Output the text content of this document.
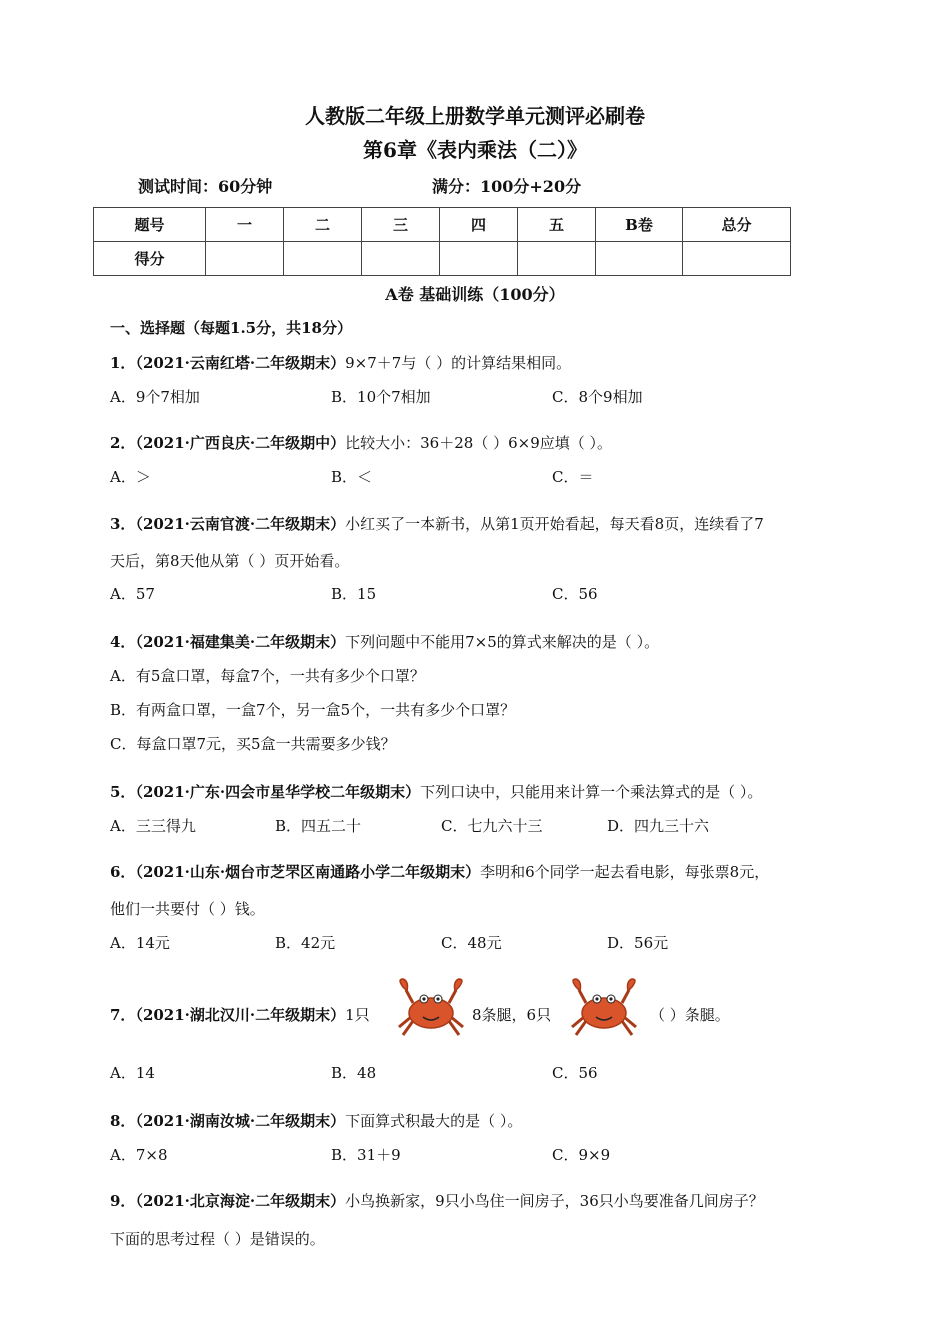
人教版二年级上册数学单元测评必刷卷
第6章《表内乘法（二）》
测试时间：60分钟	满分：100分+20分
题号	一	二	三	四	五	B卷	总分
得分							
A卷 基础训练（100分）
一、选择题（每题1.5分，共18分）
1．（2021·云南红塔·二年级期末）9×7＋7与（ ）的计算结果相同。
A．9个7相加	B．10个7相加	C．8个9相加
2．（2021·广西良庆·二年级期中）比较大小：36＋28（ ）6×9应填（ ）。
A．＞	B．＜	C．＝
3．（2021·云南官渡·二年级期末）小红买了一本新书，从第1页开始看起，每天看8页，连续看了7
天后，第8天他从第（ ）页开始看。
A．57	B．15	C．56
4．（2021·福建集美·二年级期末）下列问题中不能用7×5的算式来解决的是（ ）。
A．有5盒口罩，每盒7个，一共有多少个口罩？
B．有两盒口罩，一盒7个，另一盒5个，一共有多少个口罩？
C．每盒口罩7元，买5盒一共需要多少钱？
5．（2021·广东·四会市星华学校二年级期末）下列口诀中，只能用来计算一个乘法算式的是（ ）。
A．三三得九	B．四五二十	C．七九六十三	D．四九三十六
6．（2021·山东·烟台市芝罘区南通路小学二年级期末）李明和6个同学一起去看电影，每张票8元，
他们一共要付（ ）钱。
A．14元	B．42元	C．48元	D．56元
7．（2021·湖北汉川·二年级期末）1只	8条腿，6只	（ ）条腿。
A．14	B．48	C．56
8．（2021·湖南汝城·二年级期末）下面算式积最大的是（ ）。
A．7×8	B．31＋9	C．9×9
9．（2021·北京海淀·二年级期末）小鸟换新家，9只小鸟住一间房子，36只小鸟要准备几间房子？
下面的思考过程（ ）是错误的。
